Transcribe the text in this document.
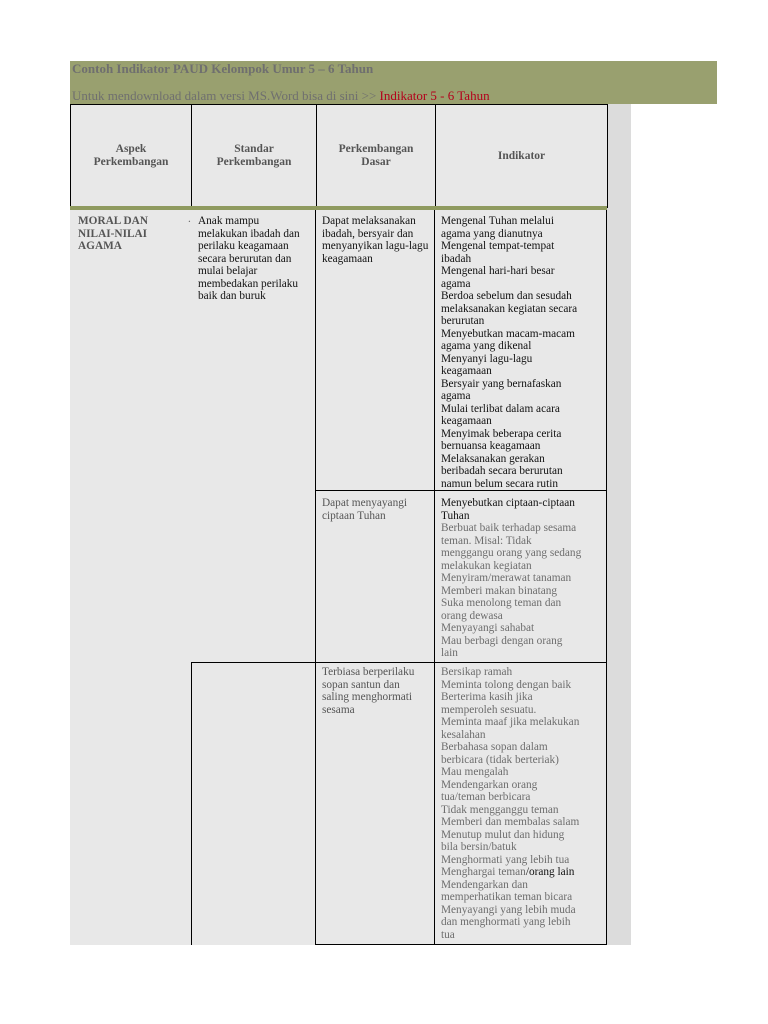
Contoh Indikator PAUD Kelompok Umur 5 – 6 Tahun
Untuk mendownload dalam versi MS.Word bisa di sini >> Indikator 5 - 6 Tahun
Aspek
Perkembangan
Standar
Perkembangan
Perkembangan
Dasar
Indikator
MORAL DAN NILAI-NILAI AGAMA
. Anak mampu melakukan ibadah dan perilaku keagamaan secara berurutan dan mulai belajar membedakan perilaku baik dan buruk
Dapat melaksanakan ibadah, bersyair dan menyanyikan lagu-lagu keagamaan
Mengenal Tuhan melalui
agama yang dianutnya
Mengenal tempat-tempat
ibadah
Mengenal hari-hari besar
agama
Berdoa sebelum dan sesudah
melaksanakan kegiatan secara
berurutan
Menyebutkan macam-macam
agama yang dikenal
Menyanyi lagu-lagu
keagamaan
Bersyair yang bernafaskan
agama
Mulai terlibat dalam acara
keagamaan
Menyimak beberapa cerita
bernuansa keagamaan
Melaksanakan gerakan
beribadah secara berurutan
namun belum secara rutin
Dapat menyayangi ciptaan Tuhan
Menyebutkan ciptaan-ciptaan
Tuhan
Berbuat baik terhadap sesama
teman. Misal: Tidak
menggangu orang yang sedang
melakukan kegiatan
Menyiram/merawat tanaman
Memberi makan binatang
Suka menolong teman dan
orang dewasa
Menyayangi sahabat
Mau berbagi dengan orang
lain
Terbiasa berperilaku sopan santun dan saling menghormati sesama
Bersikap ramah
Meminta tolong dengan baik
Berterima kasih jika
memperoleh sesuatu.
Meminta maaf jika melakukan
kesalahan
Berbahasa sopan dalam
berbicara (tidak berteriak)
Mau mengalah
Mendengarkan orang
tua/teman berbicara
Tidak mengganggu teman
Memberi dan membalas salam
Menutup mulut dan hidung
bila bersin/batuk
Menghormati yang lebih tua
Menghargai teman/orang lain
Mendengarkan dan
memperhatikan teman bicara
Menyayangi yang lebih muda
dan menghormati yang lebih
tua
